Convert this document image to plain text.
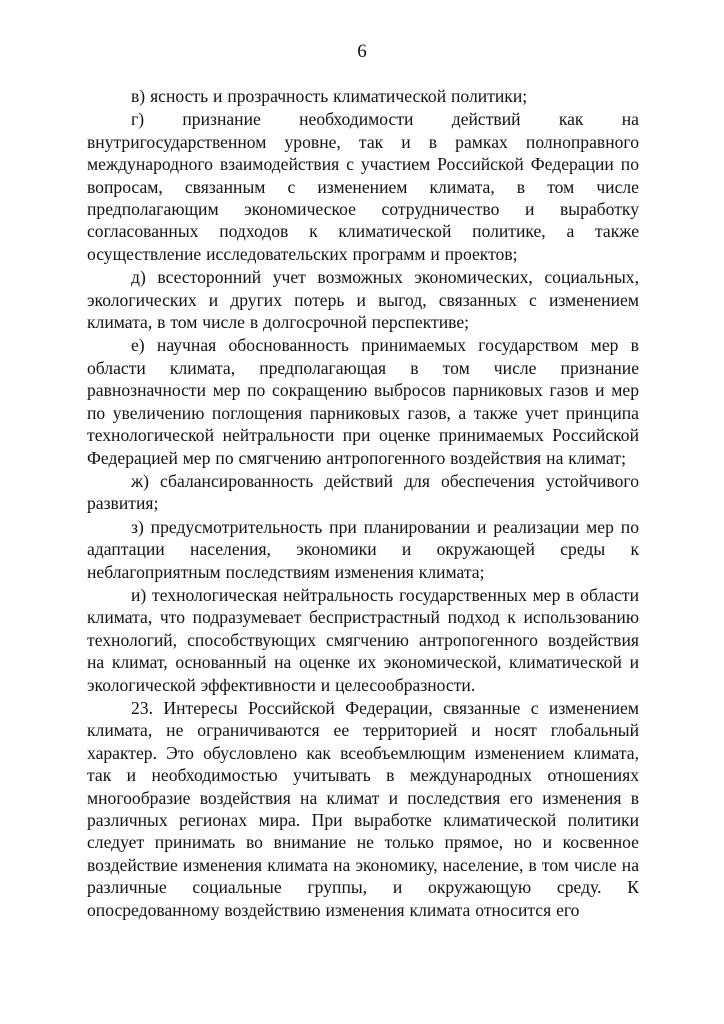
6

в) ясность и прозрачность климатической политики;

г) признание необходимости действий как на внутригосударственном уровне, так и в рамках полноправного международного взаимодействия с участием Российской Федерации по вопросам, связанным с изменением климата, в том числе предполагающим экономическое сотрудничество и выработку согласованных подходов к климатической политике, а также осуществление исследовательских программ и проектов;

д) всесторонний учет возможных экономических, социальных, экологических и других потерь и выгод, связанных с изменением климата, в том числе в долгосрочной перспективе;

е) научная обоснованность принимаемых государством мер в области климата, предполагающая в том числе признание равнозначности мер по сокращению выбросов парниковых газов и мер по увеличению поглощения парниковых газов, а также учет принципа технологической нейтральности при оценке принимаемых Российской Федерацией мер по смягчению антропогенного воздействия на климат;

ж) сбалансированность действий для обеспечения устойчивого развития;

з) предусмотрительность при планировании и реализации мер по адаптации населения, экономики и окружающей среды к неблагоприятным последствиям изменения климата;

и) технологическая нейтральность государственных мер в области климата, что подразумевает беспристрастный подход к использованию технологий, способствующих смягчению антропогенного воздействия на климат, основанный на оценке их экономической, климатической и экологической эффективности и целесообразности.

23. Интересы Российской Федерации, связанные с изменением климата, не ограничиваются ее территорией и носят глобальный характер. Это обусловлено как всеобъемлющим изменением климата, так и необходимостью учитывать в международных отношениях многообразие воздействия на климат и последствия его изменения в различных регионах мира. При выработке климатической политики следует принимать во внимание не только прямое, но и косвенное воздействие изменения климата на экономику, население, в том числе на различные социальные группы, и окружающую среду. К опосредованному воздействию изменения климата относится его
